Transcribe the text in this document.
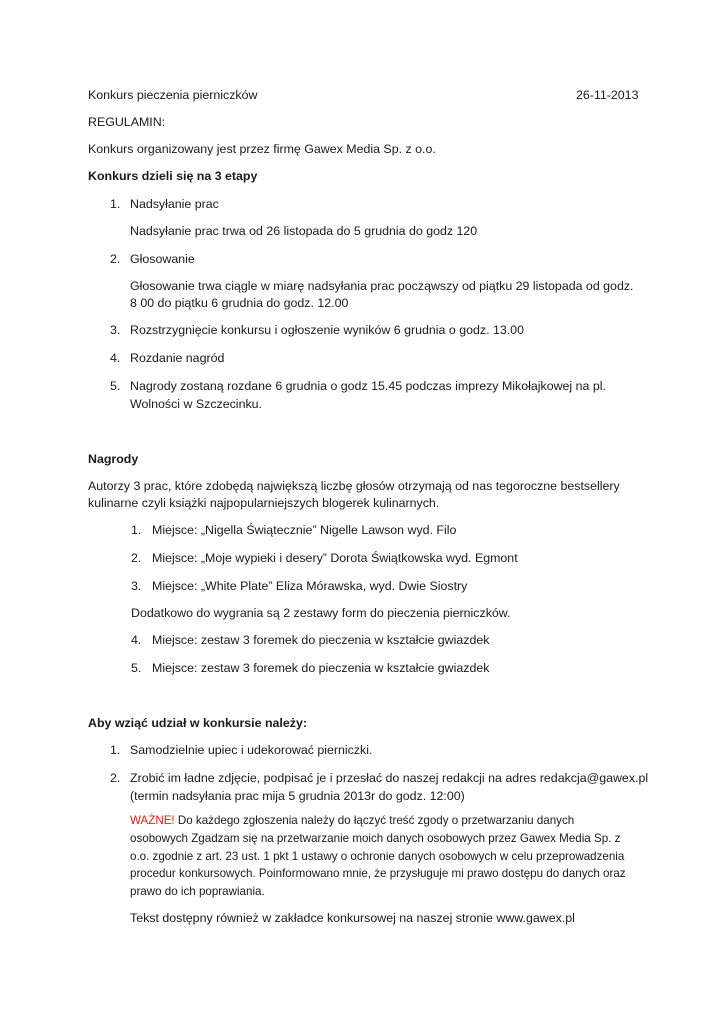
Konkurs pieczenia pierniczków	26-11-2013
REGULAMIN:
Konkurs organizowany jest przez firmę Gawex Media Sp. z o.o.
Konkurs dzieli się na 3 etapy
1. Nadsyłanie prac
Nadsyłanie prac trwa od 26 listopada do 5 grudnia do godz 120
2. Głosowanie
Głosowanie trwa ciągle w miarę nadsyłania prac począwszy od piątku 29 listopada od godz.
8 00 do piątku 6 grudnia do godz. 12.00
3. Rozstrzygnięcie konkursu i ogłoszenie wyników 6 grudnia o godz. 13.00
4. Rozdanie nagród
5. Nagrody zostaną rozdane 6 grudnia o godz 15.45 podczas imprezy Mikołajkowej na pl.
Wolności w Szczecinku.
Nagrody
Autorzy 3 prac, które zdobędą największą liczbę głosów otrzymają od nas tegoroczne bestsellery
kulinarne czyli książki najpopularniejszych blogerek kulinarnych.
1. Miejsce: „Nigella Świątecznie” Nigelle Lawson wyd. Filo
2. Miejsce: „Moje wypieki i desery” Dorota Świątkowska wyd. Egmont
3. Miejsce: „White Plate” Eliza Mórawska, wyd. Dwie Siostry
Dodatkowo do wygrania są 2 zestawy form do pieczenia pierniczków.
4. Miejsce: zestaw 3 foremek do pieczenia w kształcie gwiazdek
5. Miejsce: zestaw 3 foremek do pieczenia w kształcie gwiazdek
Aby wziąć udział w konkursie należy:
1. Samodzielnie upiec i udekorować pierniczki.
2. Zrobić im ładne zdjęcie, podpisać je i przesłać do naszej redakcji na adres redakcja@gawex.pl
(termin nadsyłania prac mija 5 grudnia 2013r do godz. 12:00)
WAŻNE! Do każdego zgłoszenia należy do łączyć treść zgody o przetwarzaniu danych
osobowych Zgadzam się na przetwarzanie moich danych osobowych przez Gawex Media Sp. z
o.o. zgodnie z art. 23 ust. 1 pkt 1 ustawy o ochronie danych osobowych w celu przeprowadzenia
procedur konkursowych. Poinformowano mnie, że przysługuje mi prawo dostępu do danych oraz
prawo do ich poprawiania.
Tekst dostępny również w zakładce konkursowej na naszej stronie www.gawex.pl
